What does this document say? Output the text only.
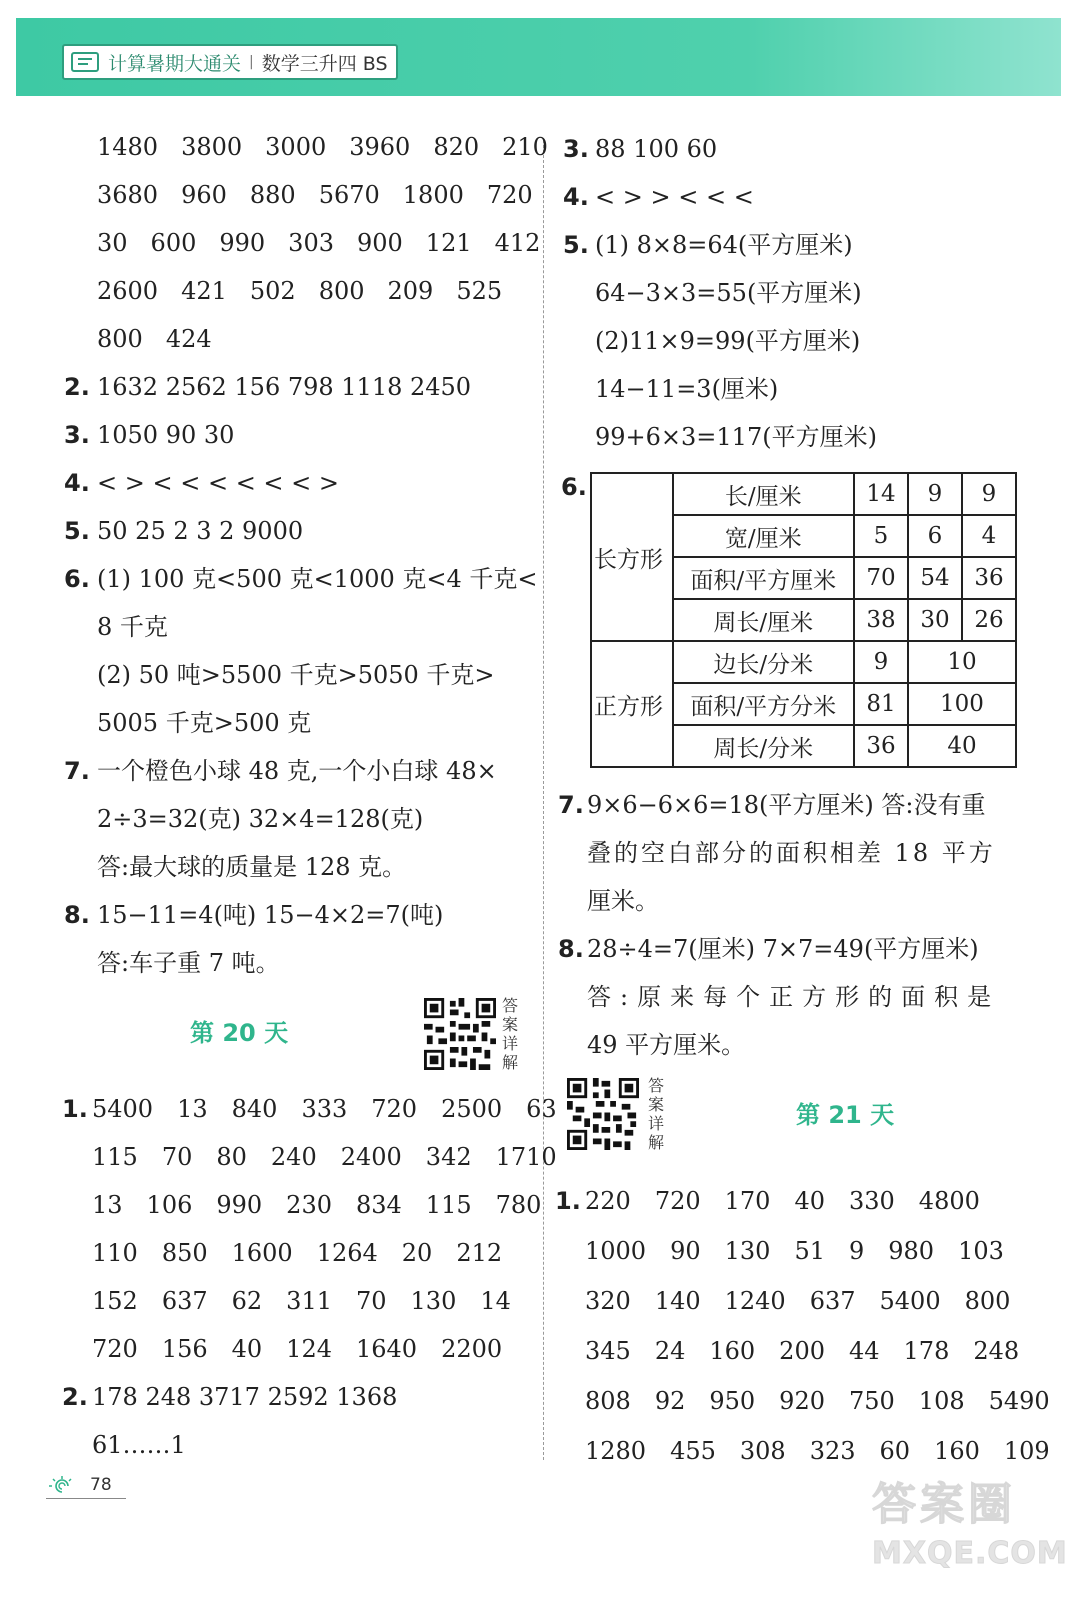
计算暑期大通关 | 数学三升四 BS
1480 3800 3000 3960 820 210
3680 960 880 5670 1800 720
30 600 990 303 900 121 412
2600 421 502 800 209 525
800 424
2. 1632 2562 156 798 1118 2450
3. 1050 90 30
4. < > < < < < < < >
5. 50 25 2 3 2 9000
6. (1) 100 克<500 克<1000 克<4 千克<
8 千克
(2) 50 吨>5500 千克>5050 千克>
5005 千克>500 克
7. 一个橙色小球 48 克,一个小白球 48×
2÷3=32(克) 32×4=128(克)
答:最大球的质量是 128 克。
8. 15−11=4(吨) 15−4×2=7(吨)
答:车子重 7 吨。
第 20 天
答案详解
1. 5400 13 840 333 720 2500 63
115 70 80 240 2400 342 1710
13 106 990 230 834 115 780
110 850 1600 1264 20 212
152 637 62 311 70 130 14
720 156 40 124 1640 2200
2. 178 248 3717 2592 1368
61……1
3. 88 100 60
4. < > > < < <
5. (1) 8×8=64(平方厘米)
64−3×3=55(平方厘米)
(2)11×9=99(平方厘米)
14−11=3(厘米)
99+6×3=117(平方厘米)
6.
长方形	长/厘米	14	9	9
	宽/厘米	5	6	4
	面积/平方厘米	70	54	36
	周长/厘米	38	30	26
正方形	边长/分米	9	10	
	面积/平方分米	81	100	
	周长/分米	36	40	
7. 9×6−6×6=18(平方厘米) 答:没有重
叠的空白部分的面积相差 18 平方
厘米。
8. 28÷4=7(厘米) 7×7=49(平方厘米)
答:原来每个正方形的面积是
49 平方厘米。
答案详解
第 21 天
1. 220 720 170 40 330 4800
1000 90 130 51 9 980 103
320 140 1240 637 5400 800
345 24 160 200 44 178 248
808 92 950 920 750 108 5490
1280 455 308 323 60 160 109
78	答案圈
MXQE.COM
